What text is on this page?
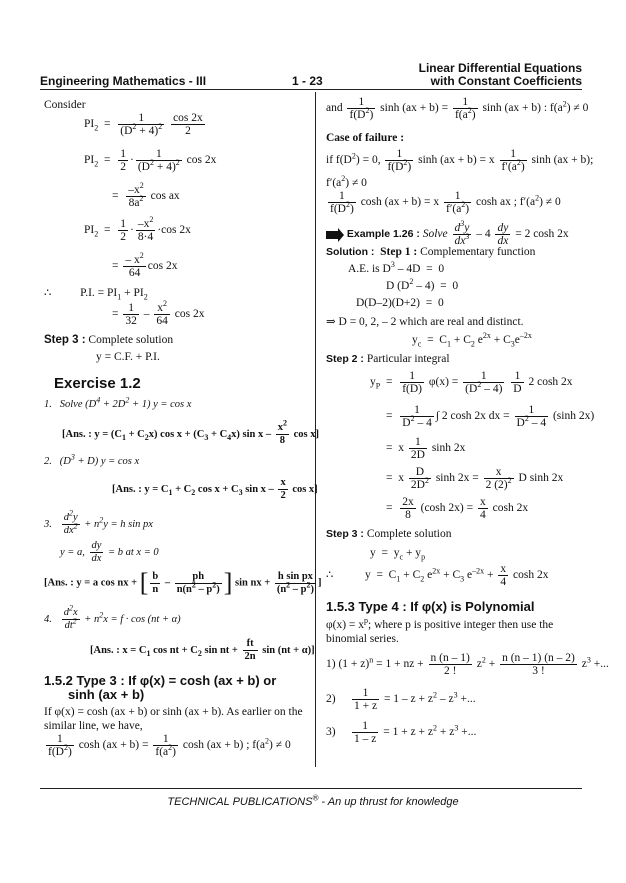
Engineering Mathematics - III	1 - 23
Linear Differential Equations
with Constant Coefficients
Consider
$PI_2 = \frac{1}{(D^2 + 4)^2}$
$\frac{\cos 2x}{2}$
$PI_2 = \frac{1}{2} \cdot \frac{1}{(D^2 + 4)^2}$ cos 2x
= $\frac{-x^2}{8a^2}$ cos ax
$PI_2 = \frac{1}{2} \cdot \frac{-x^2}{8\cdot 4} \cdot\cos$ 2x
= $\frac{- x^2}{64}$ cos 2x
∴          P.I. = $PI_1 + PI_2$
= $\frac{1}{32} - \frac{x^2}{64}$ cos 2x
Step 3 : Complete solution
y = C.F. + P.I.
Exercise 1.2
1.   Solve $(D^4 + 2D^2 + 1) y = \cos x$
[Ans. : $y = (C_1 + C_2x)$ $\cos x + (C_3 + C_4x)$ sin x – $\frac{x^2}{8}$ cos x]
2.   $(D^3 + D) y = \cos x$
[Ans. : $y = C_1 + C_2$ $\cos x + C_3$ sin x – $\frac{x}{2}$ cos x]
3. $\frac{d^2y}{dx^2} + n^2y = h$ sin px
y = a, $\frac{dy}{dx} = b$ at x = 0
[Ans. : y = a cos nx + [ $\frac{b}{n} - \frac{ph}{n(n^2 - p^2)}$ ] sin nx + $\frac{\text{h sin px}}{(n^2 - p^2)}$ ]
4. $\frac{d^2x}{dt^2} + n^2x = f \cdot \cos (nt + \alpha)$
[Ans. : $x = C_1$ cos nt + $C_2$ sin nt + $\frac{ft}{2n}$ sin (nt + α)]
1.5.2 Type 3 : If φ(x) = cosh (ax + b) or
sinh (ax + b)
If φ(x) = cosh (ax + b) or sinh (ax + b). As earlier on the
similar line, we have,
$\frac{1}{f(D^2)}$ $\cosh (ax + b) = \frac{1}{f(a^2)}$ cosh (ax + b) ; $f(a^2) \ne 0$
and $\frac{1}{f(D^2)}$ $\sinh (ax + b) = \frac{1}{f(a^2)}$ sinh (ax + b) : $f(a^2) \ne 0$
Case of failure :
if $f(D^2) = 0$, $\frac{1}{f(D^2)}$ sinh (ax + b) = x $\frac{1}{f'(a^2)}$ sinh (ax + b);
$f'(a^2) \ne 0$
$\frac{1}{f(D^2)}$ cosh (ax + b) = x $\frac{1}{f'(a^2)}$ cosh ax ; $f'(a^2) \ne 0$
Example 1.26 : Solve $\frac{d^3y}{dx^3} - 4 \frac{dy}{dx} = 2$ cosh 2x
Solution : Step 1 : Complementary function
A.E. is $D^3 - 4D = 0$
D $(D^2 - 4) = 0$
D(D–2)(D+2)  =  0
⇒ D = 0, 2, – 2 which are real and distinct.
$y_c = C_1 + C_2$ $e^{2x} + C_3e^{-2x}$
Step 2 : Particular integral
$y_P = \frac{1}{f(D)} \varphi(x) = \frac{1}{(D^2 - 4)}$
$\frac{1}{D} 2$ cosh 2x
= $\frac{1}{D^2 - 4}$ ∫ 2 cosh 2x dx = $\frac{1}{D^2 - 4} (\sinh$ 2x)
=  x $\frac{1}{2D}$ sinh 2x
=  x $\frac{D}{2D^2}$ $\sinh 2x = \frac{x}{2 (2)^2}$ D sinh 2x
= $\frac{2x}{8} (\cosh$ $2x) = \frac{x}{4}$ cosh 2x
Step 3 : Complete solution
$y = y_c + y_p$
∴           $y = C_1 + C_2$ $e^{2x} + C_3$ $e^{-2x} + \frac{x}{4}$ cosh 2x
1.5.3 Type 4 : If φ(x) is Polynomial
$\varphi(x) = x^p$; where p is positive integer then use the
binomial series.
1) $(1 + z)^n = 1$ + nz + $\frac{n (n - 1)}{2 !} z^2 + \frac{n (n - 1) (n - 2)}{3 !} z^3$ +...
$2) \frac{1}{1 + z} = 1 - z + z^2 - z^3$ +...
$3) \frac{1}{1 - z} = 1 + z + z^2 + z^3$ +...
TECHNICAL PUBLICATIONS® - An up thrust for knowledge
